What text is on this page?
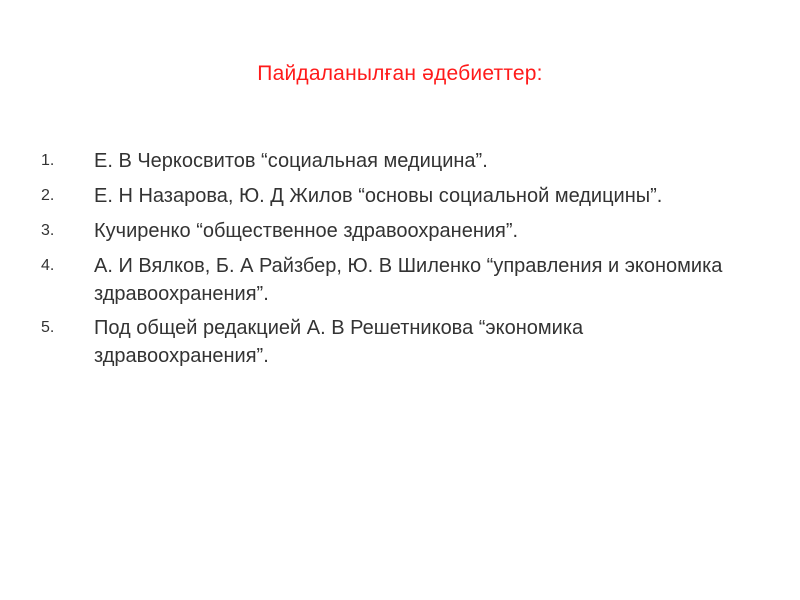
Пайдаланылған әдебиеттер:
1.	Е. В Черкосвитов “социальная медицина”.
2.	Е. Н Назарова, Ю. Д Жилов “основы социальной медицины”.
3.	Кучиренко “общественное здравоохранения”.
4.	А. И Вялков, Б. А Райзбер, Ю. В Шиленко “управления и экономика здравоохранения”.
5.	Под общей редакцией А. В Решетникова “экономика здравоохранения”.
